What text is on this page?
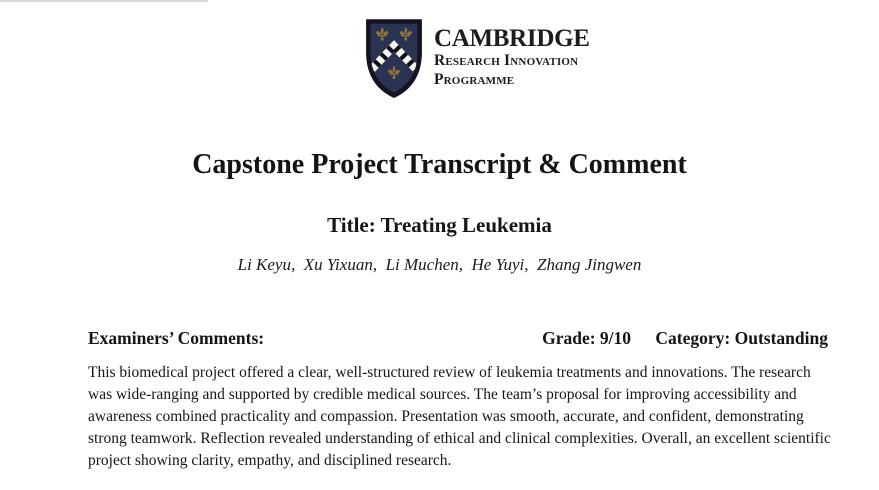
CAMBRIDGE
Research Innovation
Programme
Capstone Project Transcript & Comment
Title: Treating Leukemia
Li Keyu,  Xu Yixuan,  Li Muchen,  He Yuyi,  Zhang Jingwen
Examiners’ Comments:	Grade: 9/10 Category: Outstanding

This biomedical project offered a clear, well-structured review of leukemia treatments and innovations. The research was wide-ranging and supported by credible medical sources. The team’s proposal for improving accessibility and awareness combined practicality and compassion. Presentation was smooth, accurate, and confident, demonstrating strong teamwork. Reflection revealed understanding of ethical and clinical complexities. Overall, an excellent scientific project showing clarity, empathy, and disciplined research.
